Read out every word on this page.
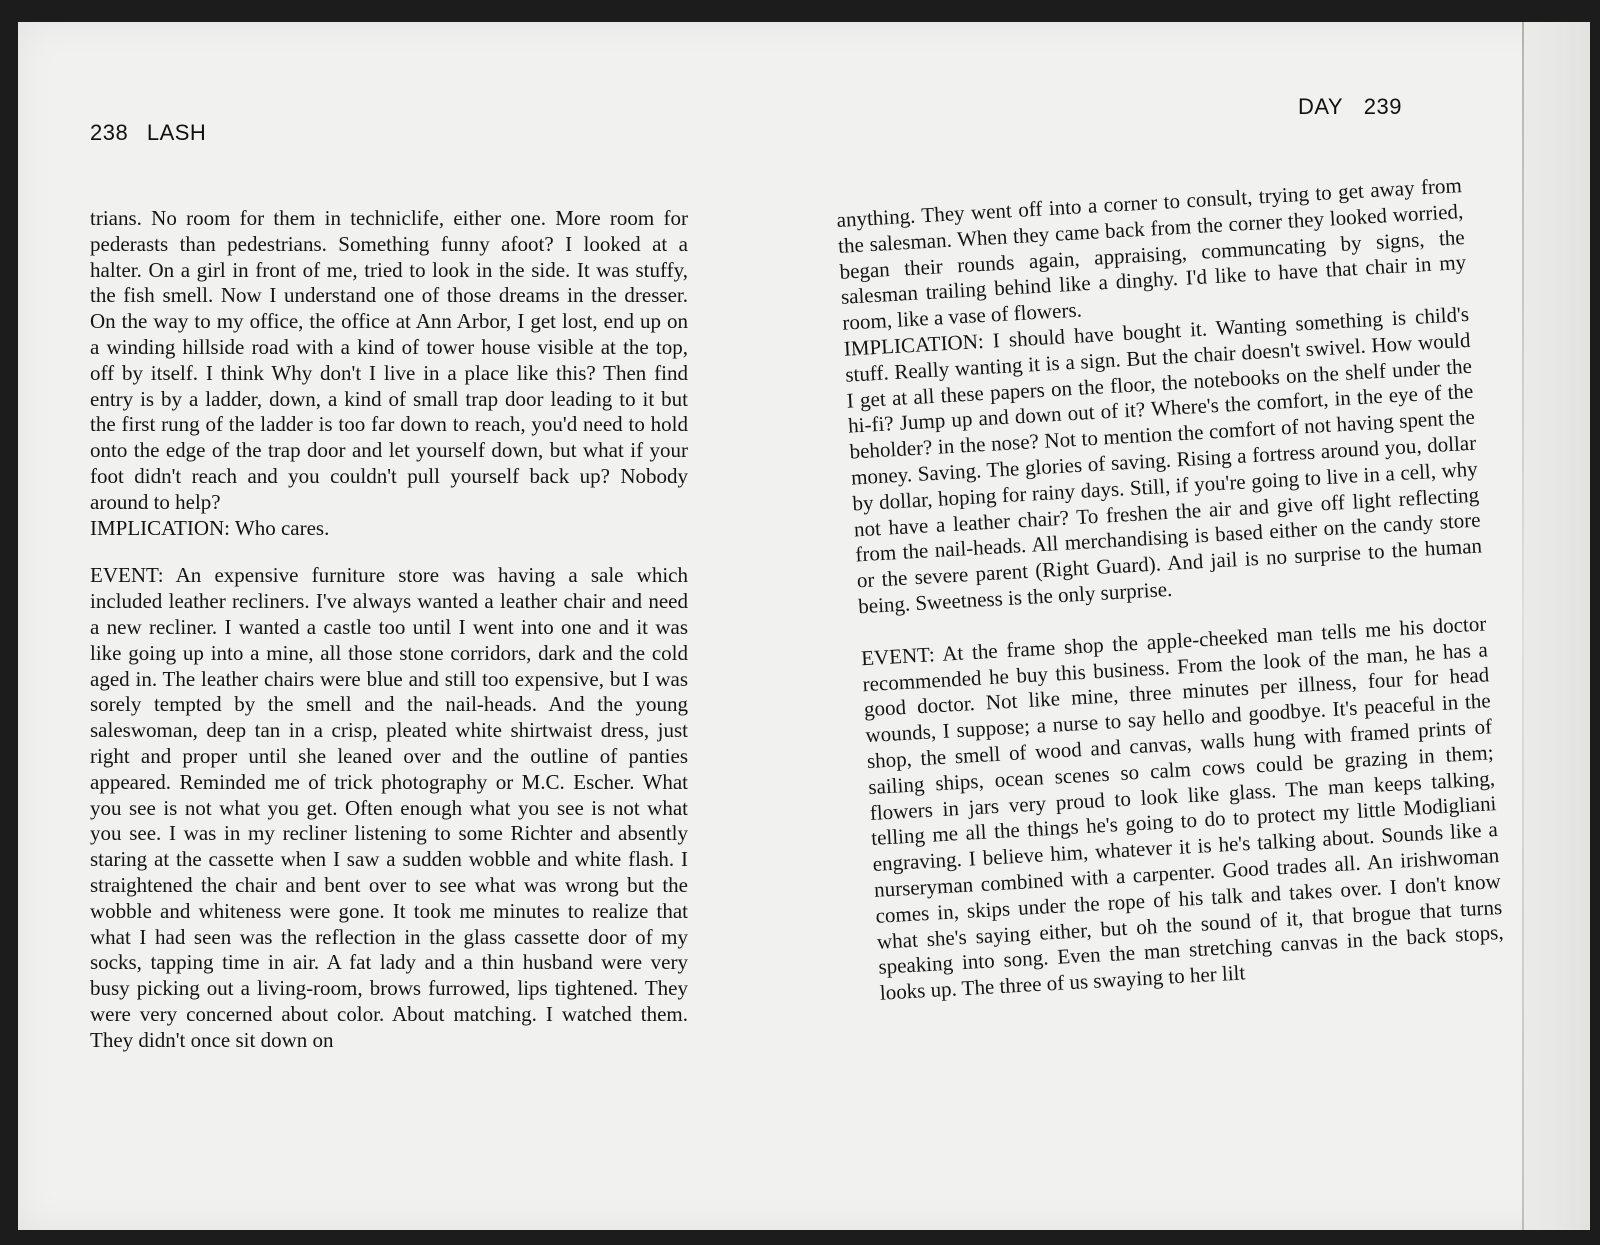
238 LASH
DAY 239

trians. No room for them in techniclife, either one. More room for pederasts than pedestrians. Something funny afoot? I looked at a halter. On a girl in front of me, tried to look in the side. It was stuffy, the fish smell. Now I understand one of those dreams in the dresser. On the way to my office, the office at Ann Arbor, I get lost, end up on a winding hillside road with a kind of tower house visible at the top, off by itself. I think Why don't I live in a place like this? Then find entry is by a ladder, down, a kind of small trap door leading to it but the first rung of the ladder is too far down to reach, you'd need to hold onto the edge of the trap door and let yourself down, but what if your foot didn't reach and you couldn't pull yourself back up? Nobody around to help?
IMPLICATION: Who cares.

EVENT: An expensive furniture store was having a sale which included leather recliners. I've always wanted a leather chair and need a new recliner. I wanted a castle too until I went into one and it was like going up into a mine, all those stone corridors, dark and the cold aged in. The leather chairs were blue and still too expensive, but I was sorely tempted by the smell and the nail-heads. And the young saleswoman, deep tan in a crisp, pleated white shirtwaist dress, just right and proper until she leaned over and the outline of panties appeared. Reminded me of trick photography or M.C. Escher. What you see is not what you get. Often enough what you see is not what you see. I was in my recliner listening to some Richter and absently staring at the cassette when I saw a sudden wobble and white flash. I straightened the chair and bent over to see what was wrong but the wobble and whiteness were gone. It took me minutes to realize that what I had seen was the reflection in the glass cassette door of my socks, tapping time in air. A fat lady and a thin husband were very busy picking out a living-room, brows furrowed, lips tightened. They were very concerned about color. About matching. I watched them. They didn't once sit down on

anything. They went off into a corner to consult, trying to get away from the salesman. When they came back from the corner they looked worried, began their rounds again, appraising, communcating by signs, the salesman trailing behind like a dinghy. I'd like to have that chair in my room, like a vase of flowers.
IMPLICATION: I should have bought it. Wanting something is child's stuff. Really wanting it is a sign. But the chair doesn't swivel. How would I get at all these papers on the floor, the notebooks on the shelf under the hi-fi? Jump up and down out of it? Where's the comfort, in the eye of the beholder? in the nose? Not to mention the comfort of not having spent the money. Saving. The glories of saving. Rising a fortress around you, dollar by dollar, hoping for rainy days. Still, if you're going to live in a cell, why not have a leather chair? To freshen the air and give off light reflecting from the nail-heads. All merchandising is based either on the candy store or the severe parent (Right Guard). And jail is no surprise to the human being. Sweetness is the only surprise.

EVENT: At the frame shop the apple-cheeked man tells me his doctor recommended he buy this business. From the look of the man, he has a good doctor. Not like mine, three minutes per illness, four for head wounds, I suppose; a nurse to say hello and goodbye. It's peaceful in the shop, the smell of wood and canvas, walls hung with framed prints of sailing ships, ocean scenes so calm cows could be grazing in them; flowers in jars very proud to look like glass. The man keeps talking, telling me all the things he's going to do to protect my little Modigliani engraving. I believe him, whatever it is he's talking about. Sounds like a nurseryman combined with a carpenter. Good trades all. An irishwoman comes in, skips under the rope of his talk and takes over. I don't know what she's saying either, but oh the sound of it, that brogue that turns speaking into song. Even the man stretching canvas in the back stops, looks up. The three of us swaying to her lilt
